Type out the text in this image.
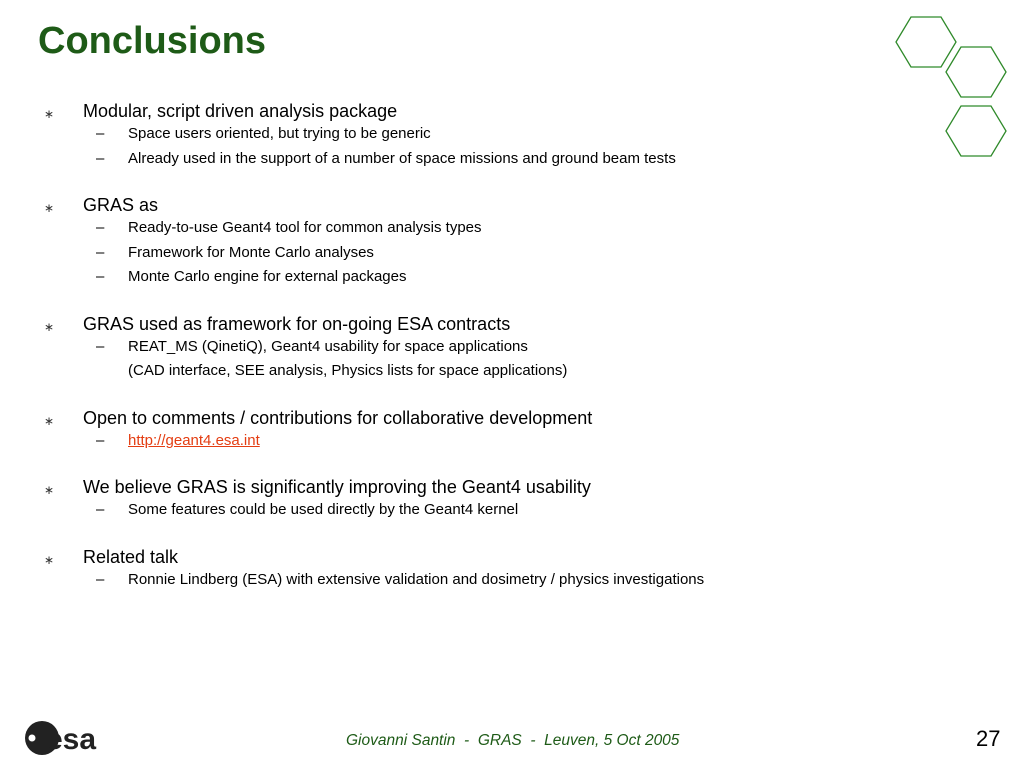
Conclusions
∗ Modular, script driven analysis package
– Space users oriented, but trying to be generic
– Already used in the support of a number of space missions and ground beam tests
∗ GRAS as
– Ready-to-use Geant4 tool for common analysis types
– Framework for Monte Carlo analyses
– Monte Carlo engine for external packages
∗ GRAS used as framework for on-going ESA contracts
– REAT_MS (QinetiQ), Geant4 usability for space applications
(CAD interface, SEE analysis, Physics lists for space applications)
∗ Open to comments / contributions for collaborative development
– http://geant4.esa.int
∗ We believe GRAS is significantly improving the Geant4 usability
– Some features could be used directly by the Geant4 kernel
∗ Related talk
– Ronnie Lindberg (ESA) with extensive validation and dosimetry / physics investigations
esa	Giovanni Santin  -  GRAS  -  Leuven, 5 Oct 2005	27
